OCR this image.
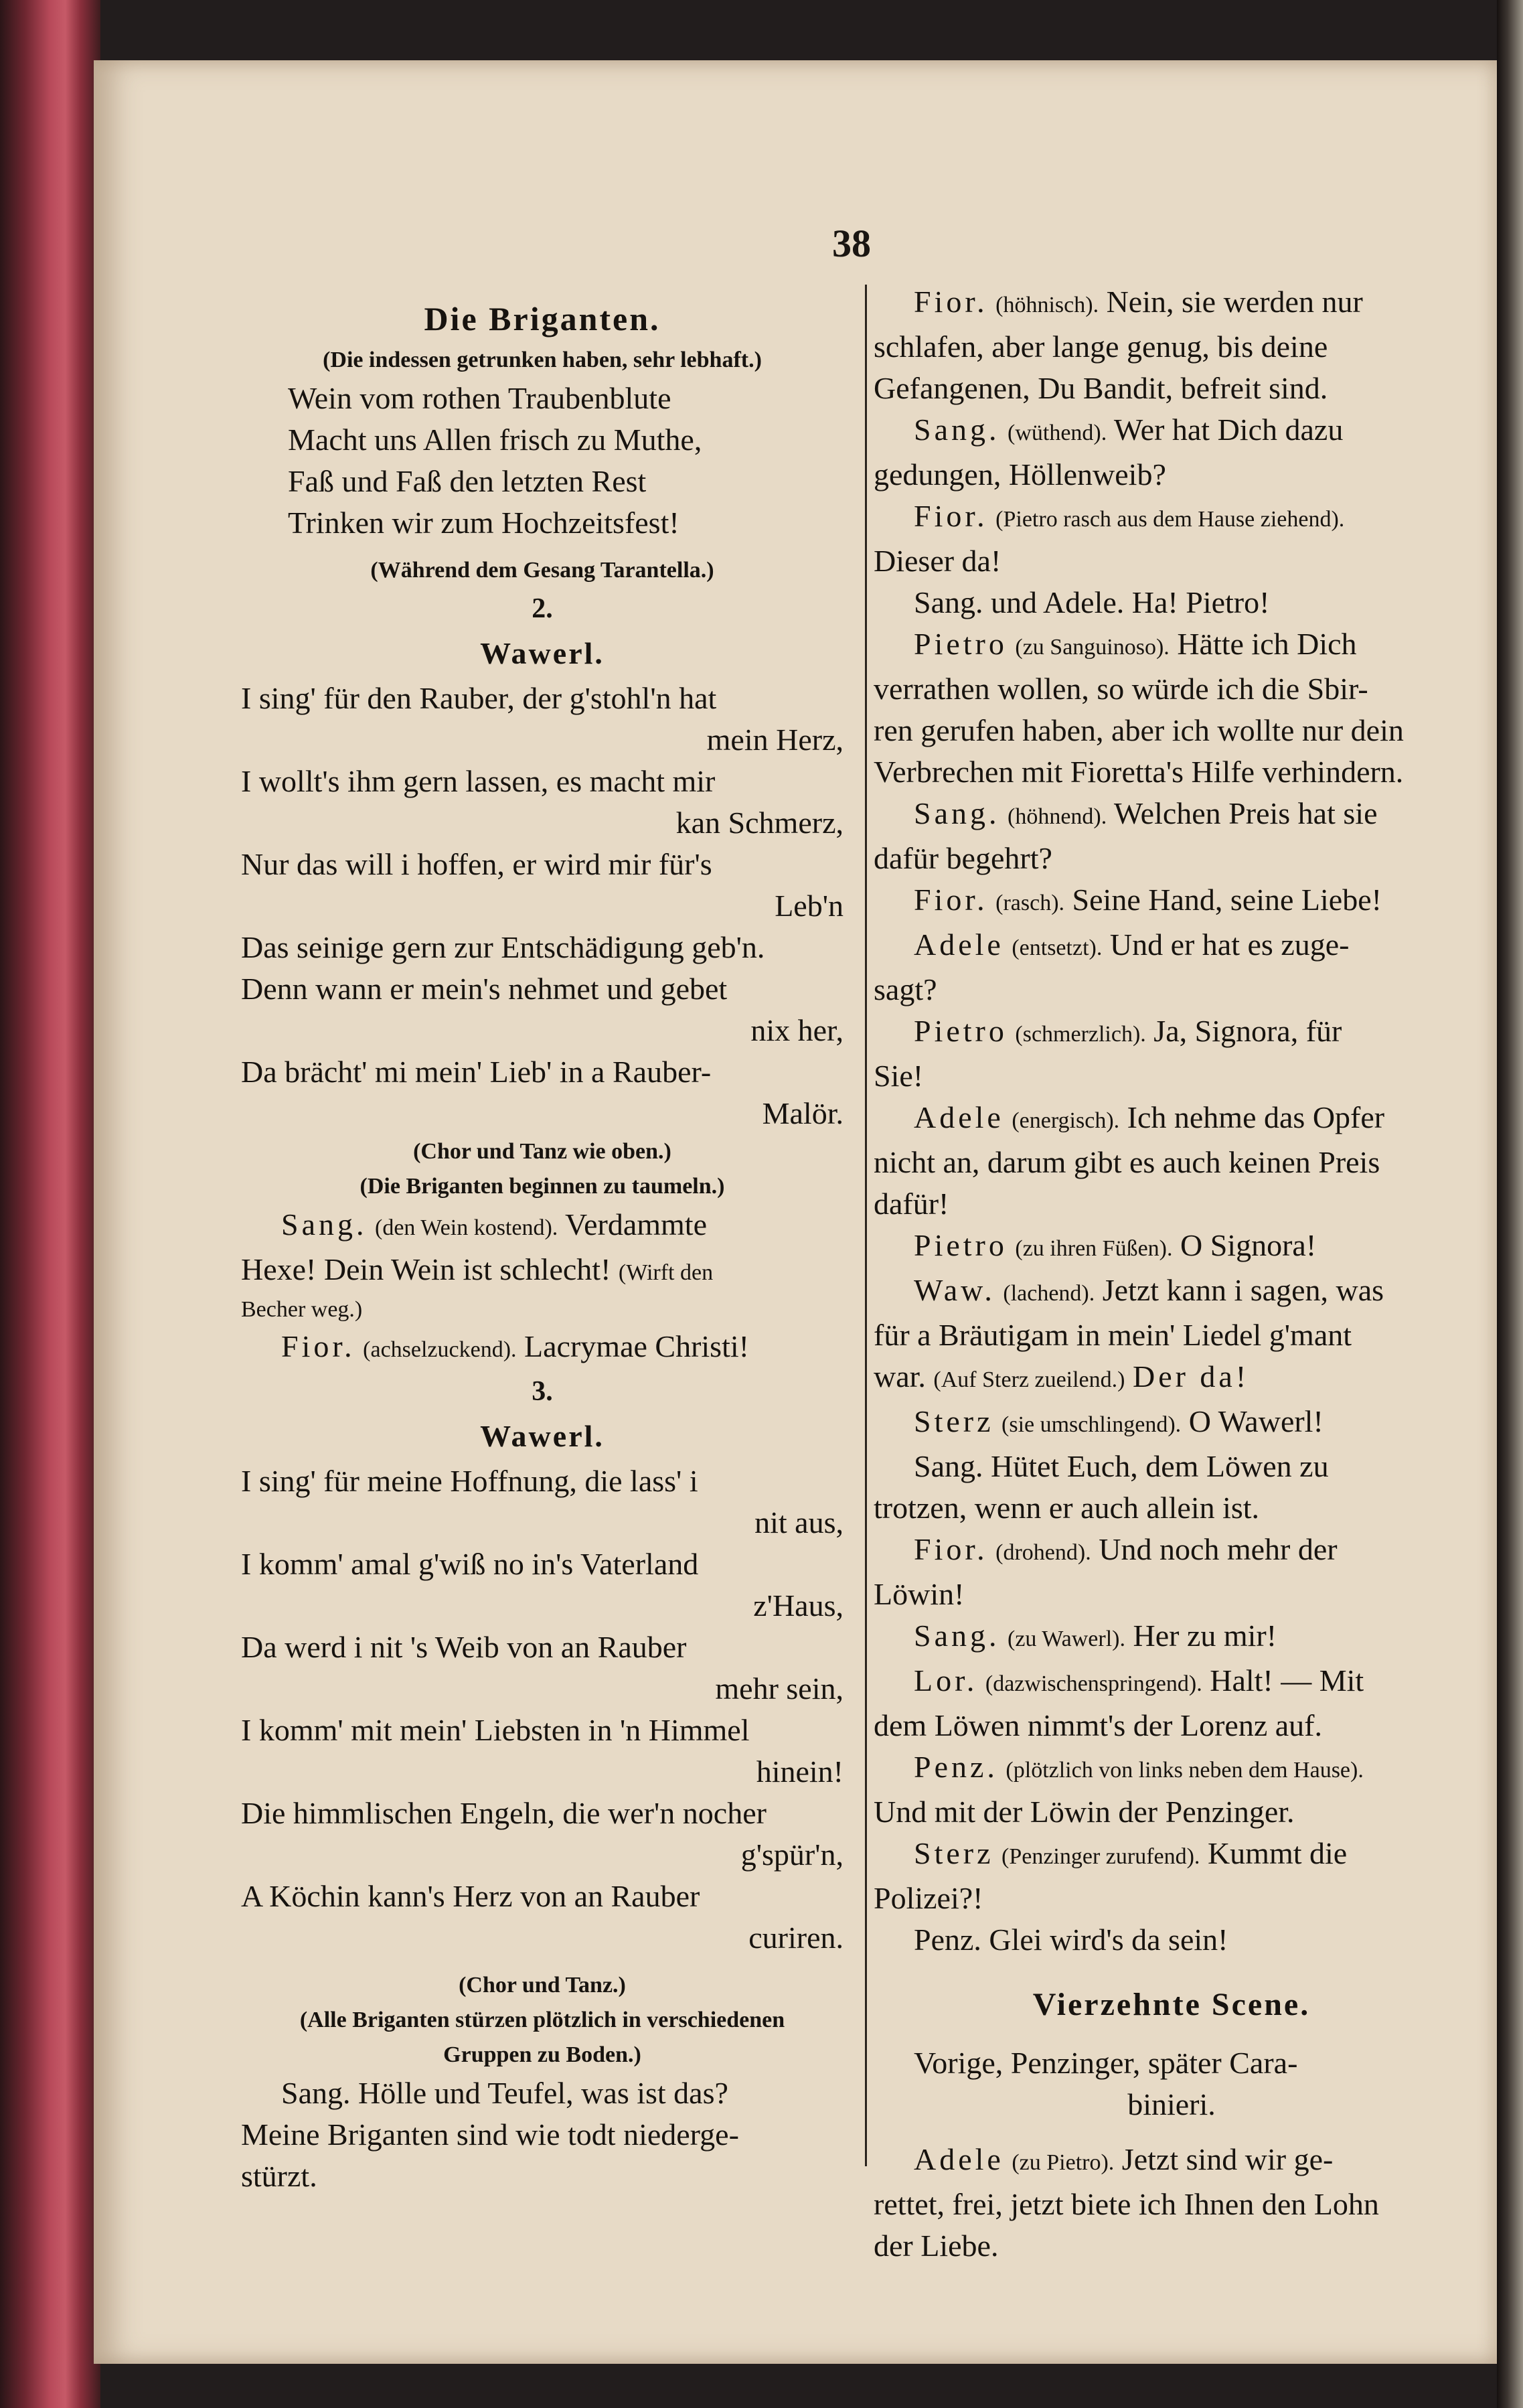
38
Die Briganten.
(Die indessen getrunken haben, sehr lebhaft.)
Wein vom rothen Traubenblute
Macht uns Allen frisch zu Muthe,
Faß und Faß den letzten Rest
Trinken wir zum Hochzeitsfest!
(Während dem Gesang Tarantella.)
2.
Wawerl.
I sing' für den Rauber, der g'stohl'n hat
mein Herz,
I wollt's ihm gern lassen, es macht mir
kan Schmerz,
Nur das will i hoffen, er wird mir für's
Leb'n
Das seinige gern zur Entschädigung geb'n.
Denn wann er mein's nehmet und gebet
nix her,
Da brächt' mi mein' Lieb' in a Rauber-
Malör.
(Chor und Tanz wie oben.)
(Die Briganten beginnen zu taumeln.)
Sang. (den Wein kostend). Verdammte
Hexe! Dein Wein ist schlecht! (Wirft den
Becher weg.)
Fior. (achselzuckend). Lacrymae Christi!
3.
Wawerl.
I sing' für meine Hoffnung, die lass' i
nit aus,
I komm' amal g'wiß no in's Vaterland
z'Haus,
Da werd i nit 's Weib von an Rauber
mehr sein,
I komm' mit mein' Liebsten in 'n Himmel
hinein!
Die himmlischen Engeln, die wer'n nocher
g'spür'n,
A Köchin kann's Herz von an Rauber
curiren.
(Chor und Tanz.)
(Alle Briganten stürzen plötzlich in verschiedenen
Gruppen zu Boden.)
Sang. Hölle und Teufel, was ist das?
Meine Briganten sind wie todt niederge-
stürzt.
Fior. (höhnisch). Nein, sie werden nur
schlafen, aber lange genug, bis deine
Gefangenen, Du Bandit, befreit sind.
Sang. (wüthend). Wer hat Dich dazu
gedungen, Höllenweib?
Fior. (Pietro rasch aus dem Hause ziehend).
Dieser da!
Sang. und Adele. Ha! Pietro!
Pietro (zu Sanguinoso). Hätte ich Dich
verrathen wollen, so würde ich die Sbir-
ren gerufen haben, aber ich wollte nur dein
Verbrechen mit Fioretta's Hilfe verhindern.
Sang. (höhnend). Welchen Preis hat sie
dafür begehrt?
Fior. (rasch). Seine Hand, seine Liebe!
Adele (entsetzt). Und er hat es zuge-
sagt?
Pietro (schmerzlich). Ja, Signora, für
Sie!
Adele (energisch). Ich nehme das Opfer
nicht an, darum gibt es auch keinen Preis
dafür!
Pietro (zu ihren Füßen). O Signora!
Waw. (lachend). Jetzt kann i sagen, was
für a Bräutigam in mein' Liedel g'mant
war. (Auf Sterz zueilend.) Der da!
Sterz (sie umschlingend). O Wawerl!
Sang. Hütet Euch, dem Löwen zu
trotzen, wenn er auch allein ist.
Fior. (drohend). Und noch mehr der
Löwin!
Sang. (zu Wawerl). Her zu mir!
Lor. (dazwischenspringend). Halt! — Mit
dem Löwen nimmt's der Lorenz auf.
Penz. (plötzlich von links neben dem Hause).
Und mit der Löwin der Penzinger.
Sterz (Penzinger zurufend). Kummt die
Polizei?!
Penz. Glei wird's da sein!
Vierzehnte Scene.
Vorige, Penzinger, später Cara-
binieri.
Adele (zu Pietro). Jetzt sind wir ge-
rettet, frei, jetzt biete ich Ihnen den Lohn
der Liebe.
